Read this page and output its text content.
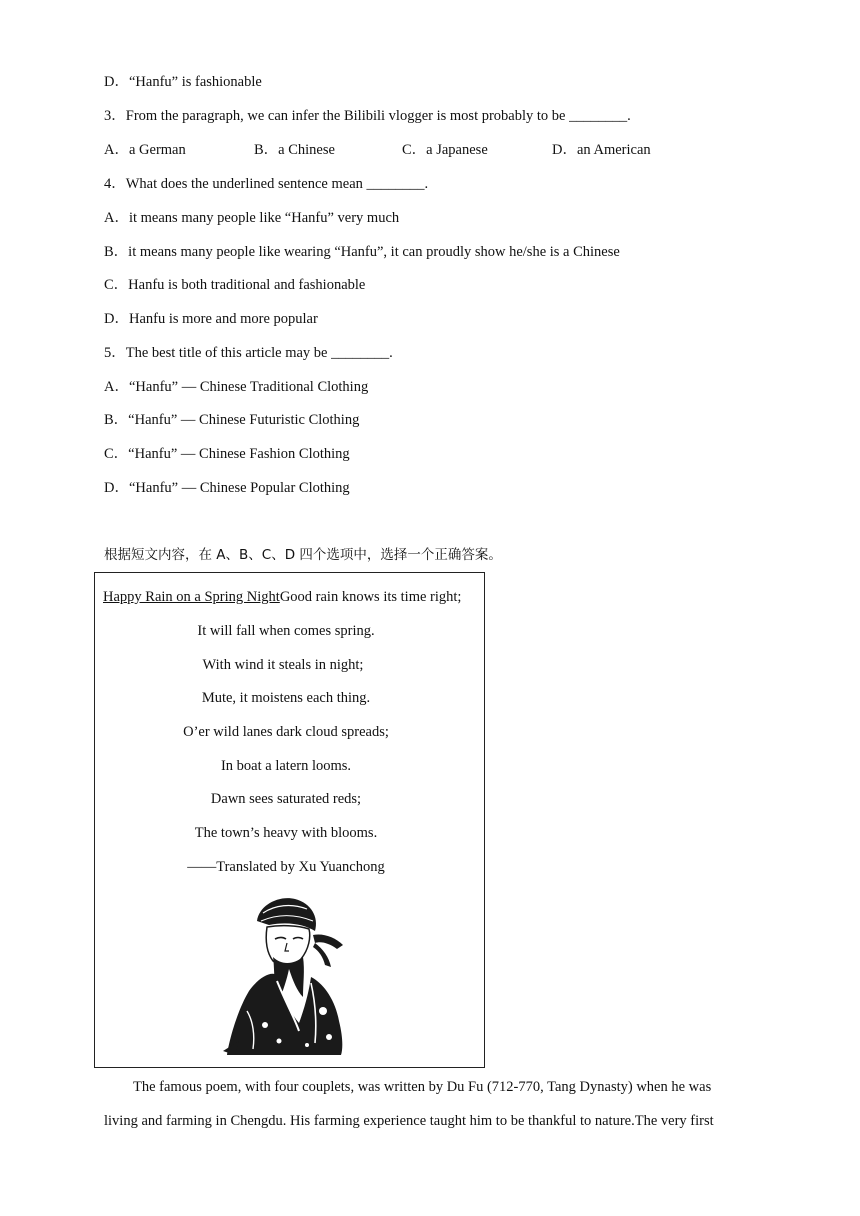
D．“Hanfu” is fashionable
3．From the paragraph, we can infer the Bilibili vlogger is most probably to be ________.
A．a German	B．a Chinese	C．a Japanese	D．an American
4．What does the underlined sentence mean ________.
A．it means many people like “Hanfu” very much
B．it means many people like wearing “Hanfu”, it can proudly show he/she is a Chinese
C．Hanfu is both traditional and fashionable
D．Hanfu is more and more popular
5．The best title of this article may be ________.
A．“Hanfu” — Chinese Traditional Clothing
B．“Hanfu” — Chinese Futuristic Clothing
C．“Hanfu” — Chinese Fashion Clothing
D．“Hanfu” — Chinese Popular Clothing
根据短文内容，在 A、B、C、D 四个选项中，选择一个正确答案。
Happy Rain on a Spring NightGood rain knows its time right;
It will fall when comes spring.
With wind it steals in night;
Mute, it moistens each thing.
O’er wild lanes dark cloud spreads;
In boat a latern looms.
Dawn sees saturated reds;
The town’s heavy with blooms.
——Translated by Xu Yuanchong
The famous poem, with four couplets, was written by Du Fu (712-770, Tang Dynasty) when he was
living and farming in Chengdu. His farming experience taught him to be thankful to nature.The very first
